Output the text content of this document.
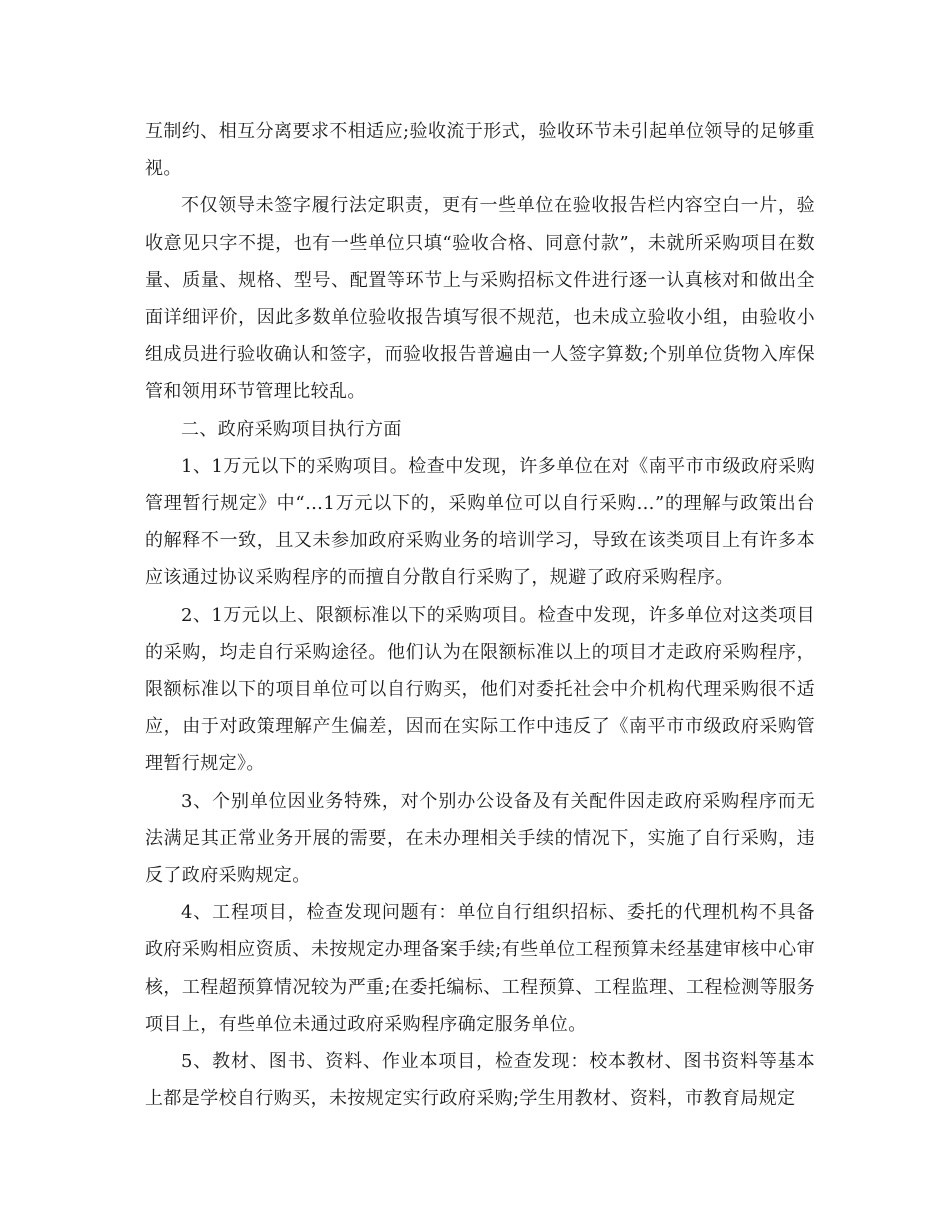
互制约、相互分离要求不相适应;验收流于形式，验收环节未引起单位领导的足够重视。

不仅领导未签字履行法定职责，更有一些单位在验收报告栏内容空白一片，验收意见只字不提，也有一些单位只填“验收合格、同意付款”，未就所采购项目在数量、质量、规格、型号、配置等环节上与采购招标文件进行逐一认真核对和做出全面详细评价，因此多数单位验收报告填写很不规范，也未成立验收小组，由验收小组成员进行验收确认和签字，而验收报告普遍由一人签字算数;个别单位货物入库保管和领用环节管理比较乱。

二、政府采购项目执行方面

1、1万元以下的采购项目。检查中发现，许多单位在对《南平市市级政府采购管理暂行规定》中“…1万元以下的，采购单位可以自行采购…”的理解与政策出台的解释不一致，且又未参加政府采购业务的培训学习，导致在该类项目上有许多本应该通过协议采购程序的而擅自分散自行采购了，规避了政府采购程序。

2、1万元以上、限额标准以下的采购项目。检查中发现，许多单位对这类项目的采购，均走自行采购途径。他们认为在限额标准以上的项目才走政府采购程序，限额标准以下的项目单位可以自行购买，他们对委托社会中介机构代理采购很不适应，由于对政策理解产生偏差，因而在实际工作中违反了《南平市市级政府采购管理暂行规定》。

3、个别单位因业务特殊，对个别办公设备及有关配件因走政府采购程序而无法满足其正常业务开展的需要，在未办理相关手续的情况下，实施了自行采购，违反了政府采购规定。

4、工程项目，检查发现问题有：单位自行组织招标、委托的代理机构不具备政府采购相应资质、未按规定办理备案手续;有些单位工程预算未经基建审核中心审核，工程超预算情况较为严重;在委托编标、工程预算、工程监理、工程检测等服务项目上，有些单位未通过政府采购程序确定服务单位。

5、教材、图书、资料、作业本项目，检查发现：校本教材、图书资料等基本上都是学校自行购买，未按规定实行政府采购;学生用教材、资料，市教育局规定
